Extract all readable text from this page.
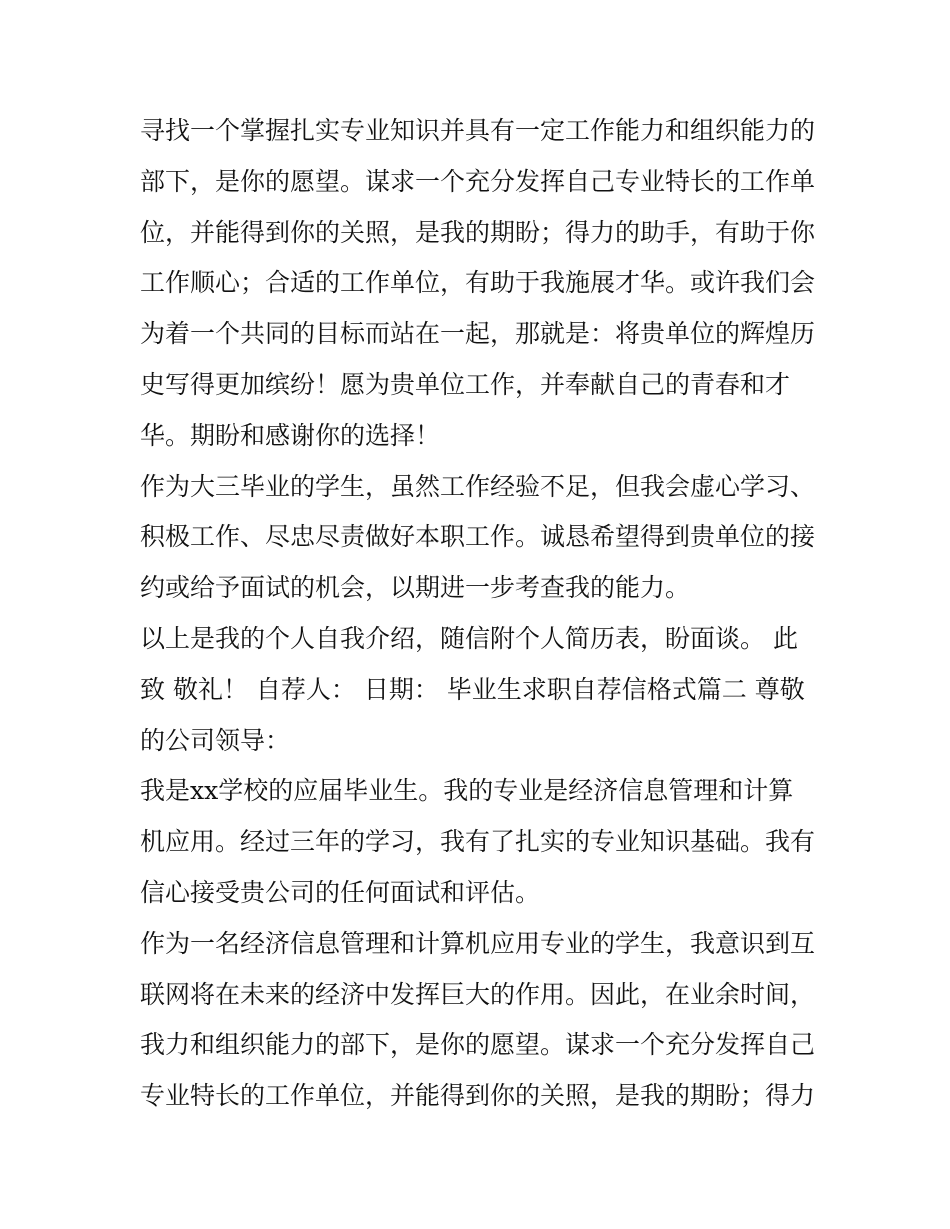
寻找一个掌握扎实专业知识并具有一定工作能力和组织能力的
部下，是你的愿望。谋求一个充分发挥自己专业特长的工作单
位，并能得到你的关照，是我的期盼；得力的助手，有助于你
工作顺心；合适的工作单位，有助于我施展才华。或许我们会
为着一个共同的目标而站在一起，那就是：将贵单位的辉煌历
史写得更加缤纷！愿为贵单位工作，并奉献自己的青春和才
华。期盼和感谢你的选择！

作为大三毕业的学生，虽然工作经验不足，但我会虚心学习、
积极工作、尽忠尽责做好本职工作。诚恳希望得到贵单位的接
约或给予面试的机会，以期进一步考查我的能力。

以上是我的个人自我介绍，随信附个人简历表，盼面谈。 此
致 敬礼！ 自荐人： 日期： 毕业生求职自荐信格式篇二 尊敬
的公司领导：

我是xx学校的应届毕业生。我的专业是经济信息管理和计算
机应用。经过三年的学习，我有了扎实的专业知识基础。我有
信心接受贵公司的任何面试和评估。

作为一名经济信息管理和计算机应用专业的学生，我意识到互
联网将在未来的经济中发挥巨大的作用。因此，在业余时间，
我力和组织能力的部下，是你的愿望。谋求一个充分发挥自己
专业特长的工作单位，并能得到你的关照，是我的期盼；得力
